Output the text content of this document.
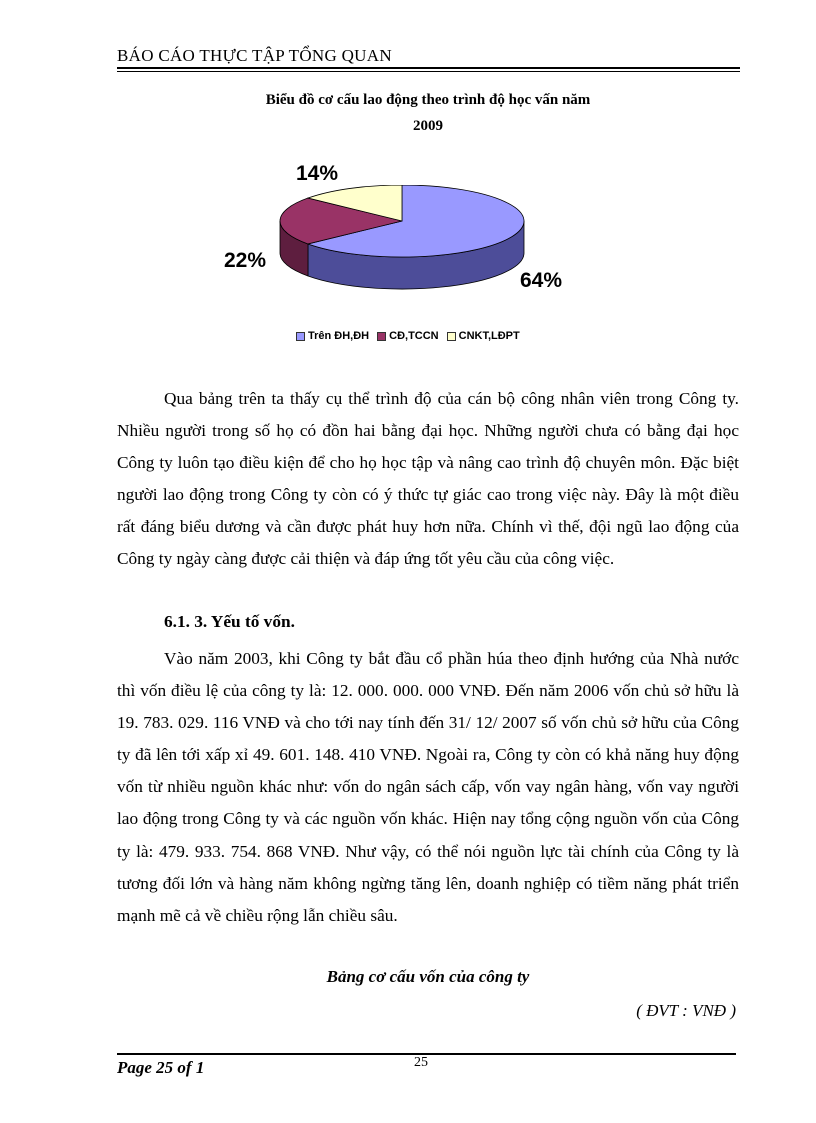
BÁO CÁO THỰC TẬP TỔNG QUAN
Biểu đồ cơ cấu lao động theo trình độ học vấn năm
2009
14%
22%
64%
Trên ĐH,ĐH CĐ,TCCN CNKT,LĐPT

Qua bảng trên ta thấy cụ thể trình độ của cán bộ công nhân viên trong Công ty. Nhiều người trong số họ có đồn hai bằng đại học. Những người chưa có bằng đại học Công ty luôn tạo điều kiện để cho họ học tập và nâng cao trình độ chuyên môn. Đặc biệt người lao động trong Công ty còn có ý thức tự giác cao trong việc này. Đây là một điều rất đáng biểu dương và cần được phát huy hơn nữa. Chính vì thế, đội ngũ lao động của Công ty ngày càng được cải thiện và đáp ứng tốt yêu cầu của công việc.

6.1. 3. Yếu tố vốn.

Vào năm 2003, khi Công ty bắt đầu cổ phần húa theo định hướng của Nhà nước thì vốn điều lệ của công ty là: 12. 000. 000. 000 VNĐ. Đến năm 2006 vốn chủ sở hữu là 19. 783. 029. 116 VNĐ và cho tới nay tính đến 31/ 12/ 2007 số vốn chủ sở hữu của Công ty đã lên tới xấp xỉ 49. 601. 148. 410 VNĐ. Ngoài ra, Công ty còn có khả năng huy động vốn từ nhiều nguồn khác như: vốn do ngân sách cấp, vốn vay ngân hàng, vốn vay người lao động trong Công ty và các nguồn vốn khác. Hiện nay tổng cộng nguồn vốn của Công ty là: 479. 933. 754. 868 VNĐ. Như vậy, có thể nói nguồn lực tài chính của Công ty là tương đối lớn và hàng năm không ngừng tăng lên, doanh nghiệp có tiềm năng phát triển mạnh mẽ cả về chiều rộng lẫn chiều sâu.

Bảng cơ cấu vốn của công ty
( ĐVT : VNĐ )
Page 25 of 1	25
